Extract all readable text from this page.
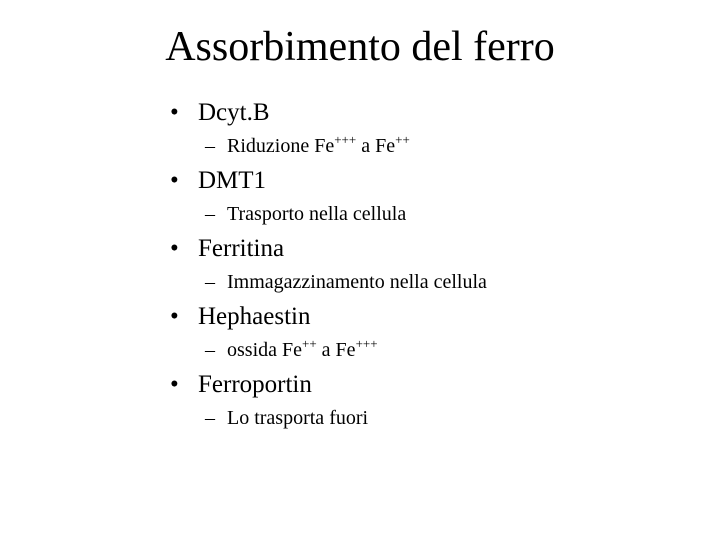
Assorbimento del ferro
• Dcyt.B
– Riduzione Fe+++ a Fe++
• DMT1
– Trasporto nella cellula
• Ferritina
– Immagazzinamento nella cellula
• Hephaestin
– ossida Fe++ a Fe+++
• Ferroportin
– Lo trasporta fuori
